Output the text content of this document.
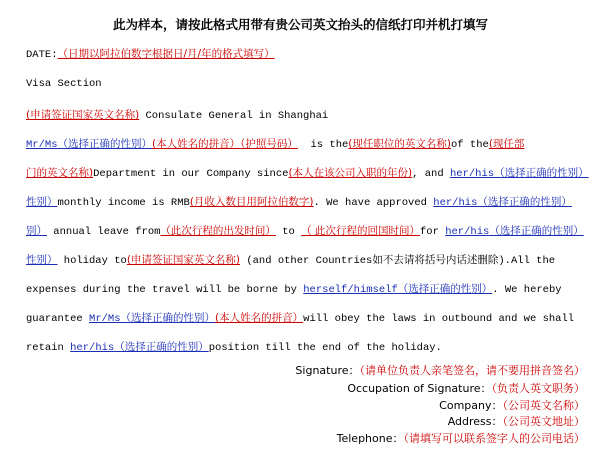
此为样本，请按此格式用带有贵公司英文抬头的信纸打印并机打填写
DATE:（日期以阿拉伯数字根据日/月/年的格式填写）
Visa Section
(申请签证国家英文名称) Consulate General in Shanghai
Mr/Ms（选择正确的性别）(本人姓名的拼音）（护照号码）  is the(现任职位的英文名称)of the(现任部
门的英文名称)Department in our Company since(本人在该公司入职的年份), and her/his（选择正确的性别）
性别）monthly income is RMB(月收入数目用阿拉伯数字). We have approved her/his（选择正确的性别）
别） annual leave from（此次行程的出发时间） to （ 此次行程的回国时间）for her/his（选择正确的性别）
性别） holiday to(申请签证国家英文名称) (and other Countries如不去请将括号内话述删除).All the
expenses during the travel will be borne by herself/himself（选择正确的性别）. We hereby
guarantee Mr/Ms（选择正确的性别）(本人姓名的拼音）will obey the laws in outbound and we shall
retain her/his（选择正确的性别）position till the end of the holiday.
Signature：（请单位负责人亲笔签名，请不要用拼音签名）
Occupation of Signature：（负责人英文职务）
Company：（公司英文名称）
Address：（公司英文地址）
Telephone：（请填写可以联系签字人的公司电话）
